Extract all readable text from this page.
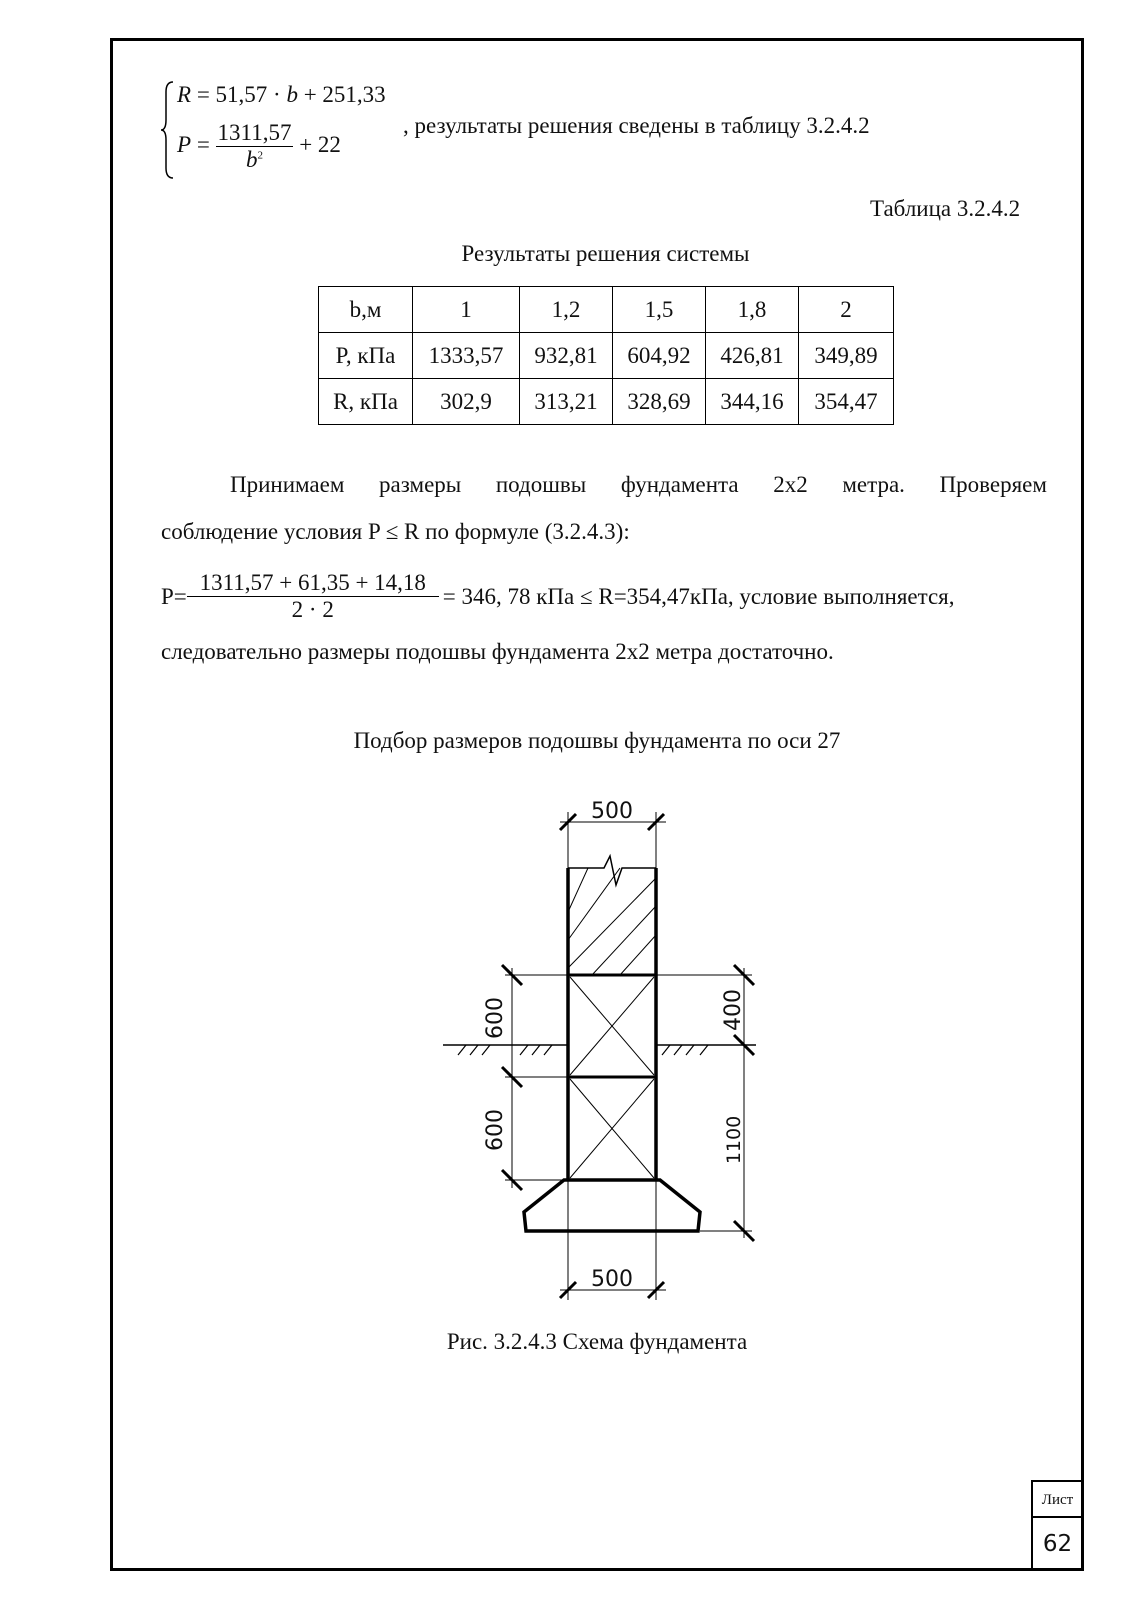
R = 51,57 · b + 251,33
$P = \frac{1311,57}{b^2} + 22$
, результаты решения сведены в таблицу 3.2.4.2
Таблица 3.2.4.2
Результаты решения системы
b,м	1	1,2	1,5	1,8	2
P, кПа	1333,57	932,81	604,92	426,81	349,89
R, кПа	302,9	313,21	328,69	344,16	354,47
Принимаем размеры подошвы фундамента 2х2 метра. Проверяем
соблюдение условия P ≤ R по формуле (3.2.4.3):
$P= \frac{1311,57 + 61,35 + 14,18}{2 \cdot 2} = 346$, 78 кПа ≤ R=354,47кПа, условие выполняется,
следовательно размеры подошвы фундамента 2х2 метра достаточно.
Подбор размеров подошвы фундамента по оси 27
500
500
600
600
400
1100
Рис. 3.2.4.3 Схема фундамента
Лист
62
